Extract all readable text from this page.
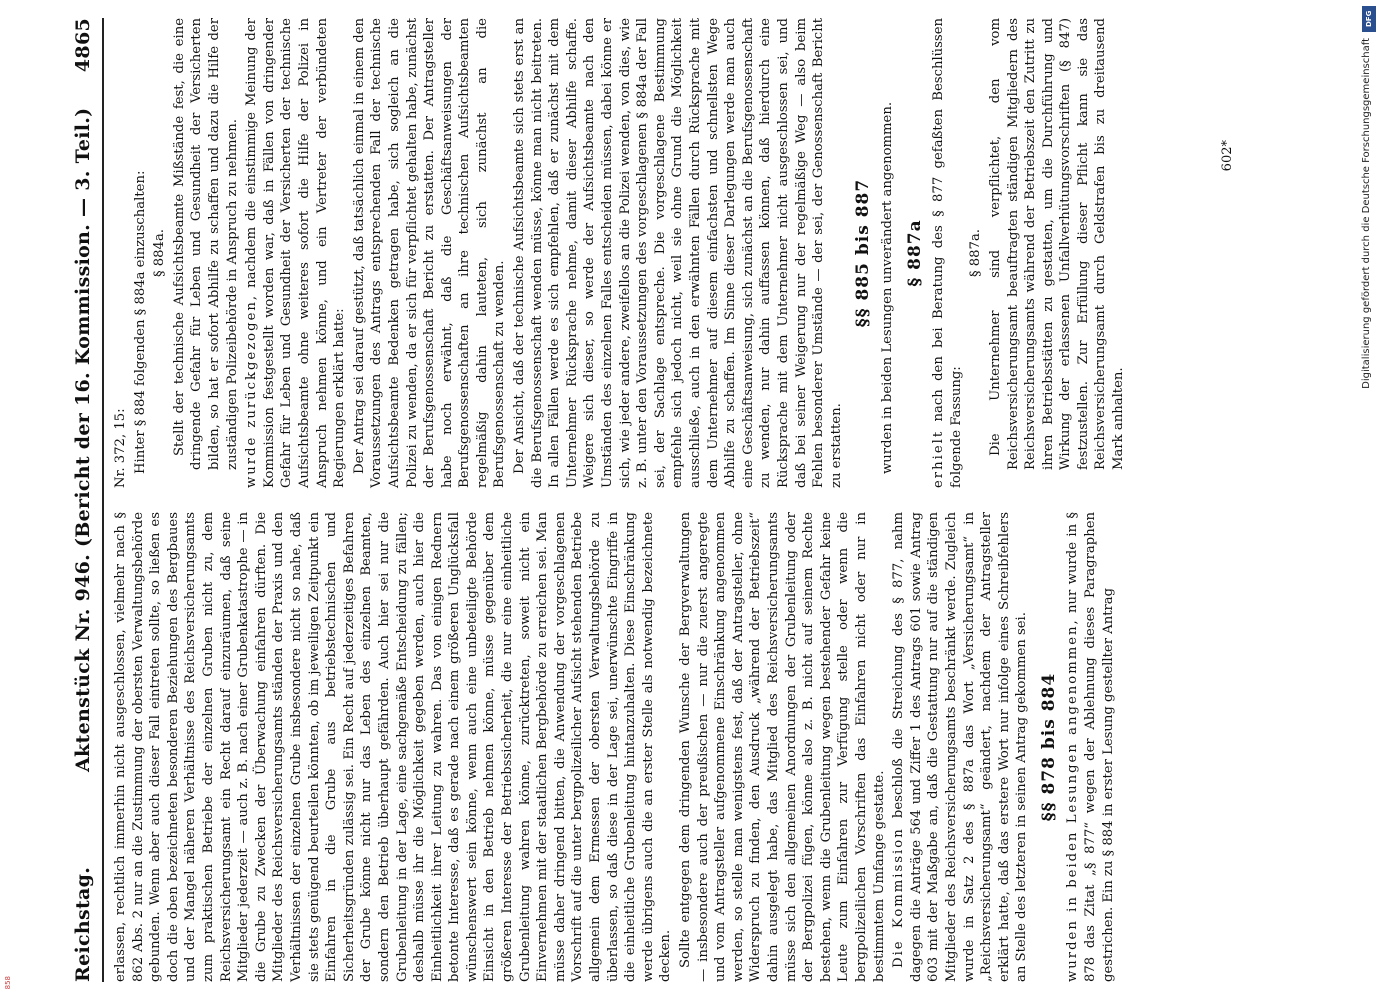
Reichstag.
Aktenstück Nr. 946. (Bericht der 16. Kommission. — 3. Teil.)
4865

erlassen, rechtlich immerhin nicht ausgeschlossen, vielmehr nach § 862 Abs. 2 nur an die Zustimmung der obersten Verwaltungsbehörde gebunden. Wenn aber auch dieser Fall eintreten sollte, so ließen es doch die oben bezeichneten besonderen Beziehungen des Bergbaues und der Mangel näheren Verhältnisse des Reichsversicherungsamts zum praktischen Betriebe der einzelnen Gruben nicht zu, dem Reichsversicherungsamt ein Recht darauf einzuräumen, daß seine Mitglieder jederzeit — auch z. B. nach einer Grubenkatastrophe — in die Grube zu Zwecken der Überwachung einfahren dürften. Die Mitglieder des Reichsversicherungsamts ständen der Praxis und den Verhältnissen der einzelnen Grube insbesondere nicht so nahe, daß sie stets genügend beurteilen könnten, ob im jeweiligen Zeitpunkt ein Einfahren in die Grube aus betriebstechnischen und Sicherheitsgründen zulässig sei. Ein Recht auf jederzeitiges Befahren der Grube könne nicht nur das Leben des einzelnen Beamten, sondern den Betrieb überhaupt gefährden. Auch hier sei nur die Grubenleitung in der Lage, eine sachgemäße Entscheidung zu fällen; deshalb müsse ihr die Möglichkeit gegeben werden, auch hier die Einheitlichkeit ihrer Leitung zu wahren. Das von einigen Rednern betonte Interesse, daß es gerade nach einem größeren Unglücksfall wünschenswert sein könne, wenn auch eine unbeteiligte Behörde Einsicht in den Betrieb nehmen könne, müsse gegenüber dem größeren Interesse der Betriebssicherheit, die nur eine einheitliche Grubenleitung wahren könne, zurücktreten, soweit nicht ein Einvernehmen mit der staatlichen Bergbehörde zu erreichen sei. Man müsse daher dringend bitten, die Anwendung der vorgeschlagenen Vorschrift auf die unter bergpolizeilicher Aufsicht stehenden Betriebe allgemein dem Ermessen der obersten Verwaltungsbehörde zu überlassen, so daß diese in der Lage sei, unerwünschte Eingriffe in die einheitliche Grubenleitung hintanzuhalten. Diese Einschränkung werde übrigens auch die an erster Stelle als notwendig bezeichnete decken. Sollte entgegen dem dringenden Wunsche der Bergverwaltungen — insbesondere auch der preußischen — nur die zuerst angeregte und vom Antragsteller aufgenommene Einschränkung angenommen werden, so stelle man wenigstens fest, daß der Antragsteller, ohne Widerspruch zu finden, den Ausdruck „während der Betriebszeit“ dahin ausgelegt habe, das Mitglied des Reichsversicherungsamts müsse sich den allgemeinen Anordnungen der Grubenleitung oder der Bergpolizei fügen, könne also z. B. nicht auf seinem Rechte bestehen, wenn die Grubenleitung wegen bestehender Gefahr keine Leute zum Einfahren zur Verfügung stelle oder wenn die bergpolizeilichen Vorschriften das Einfahren nicht oder nur in bestimmtem Umfange gestatte. Die Kommission beschloß die Streichung des § 877, nahm dagegen die Anträge 564 und Ziffer 1 des Antrags 601 sowie Antrag 603 mit der Maßgabe an, daß die Gestattung nur auf die ständigen Mitglieder des Reichsversicherungsamts beschränkt werde. Zugleich wurde in Satz 2 des § 887a das Wort „Versicherungsamt“ in „Reichsversicherungsamt“ geändert, nachdem der Antragsteller erklärt hatte, daß das erstere Wort nur infolge eines Schreibfehlers an Stelle des letzteren in seinen Antrag gekommen sei. §§ 878 bis 884 wurden in beiden Lesungen angenommen, nur wurde in § 878 das Zitat „§ 877“ wegen der Ablehnung dieses Paragraphen gestrichen. Ein zu § 884 in erster Lesung gestellter Antrag

Nr. 372, 15: Hinter § 884 folgenden § 884a einzuschalten: § 884a. Stellt der technische Aufsichtsbeamte Mißstände fest, die eine dringende Gefahr für Leben und Gesundheit der Versicherten bilden, so hat er sofort Abhilfe zu schaffen und dazu die Hilfe der zuständigen Polizeibehörde in Anspruch zu nehmen. wurde zurückgezogen, nachdem die einstimmige Meinung der Kommission festgestellt worden war, daß in Fällen von dringender Gefahr für Leben und Gesundheit der Versicherten der technische Aufsichtsbeamte ohne weiteres sofort die Hilfe der Polizei in Anspruch nehmen könne, und ein Vertreter der verbündeten Regierungen erklärt hatte: Der Antrag sei darauf gestützt, daß tatsächlich einmal in einem den Voraussetzungen des Antrags entsprechenden Fall der technische Aufsichtsbeamte Bedenken getragen habe, sich sogleich an die Polizei zu wenden, da er sich für verpflichtet gehalten habe, zunächst der Berufsgenossenschaft Bericht zu erstatten. Der Antragsteller habe noch erwähnt, daß die Geschäftsanweisungen der Berufsgenossenschaften an ihre technischen Aufsichtsbeamten regelmäßig dahin lauteten, sich zunächst an die Berufsgenossenschaft zu wenden. Der Ansicht, daß der technische Aufsichtsbeamte sich stets erst an die Berufsgenossenschaft wenden müsse, könne man nicht beitreten. In allen Fällen werde es sich empfehlen, daß er zunächst mit dem Unternehmer Rücksprache nehme, damit dieser Abhilfe schaffe. Weigere sich dieser, so werde der Aufsichtsbeamte nach den Umständen des einzelnen Falles entscheiden müssen, dabei könne er sich, wie jeder andere, zweifellos an die Polizei wenden, von dies, wie z. B. unter den Voraussetzungen des vorgeschlagenen § 884a der Fall sei, der Sachlage entspreche. Die vorgeschlagene Bestimmung empfehle sich jedoch nicht, weil sie ohne Grund die Möglichkeit ausschließe, auch in den erwähnten Fällen durch Rücksprache mit dem Unternehmer auf diesem einfachsten und schnellsten Wege Abhilfe zu schaffen. Im Sinne dieser Darlegungen werde man auch eine Geschäftsanweisung, sich zunächst an die Berufsgenossenschaft zu wenden, nur dahin auffassen können, daß hierdurch eine Rücksprache mit dem Unternehmer nicht ausgeschlossen sei, und daß bei seiner Weigerung nur der regelmäßige Weg — also beim Fehlen besonderer Umstände — der sei, der Genossenschaft Bericht zu erstatten.

§§ 885 bis 887 wurden in beiden Lesungen unverändert angenommen. § 887a

erhielt nach den bei Beratung des § 877 gefaßten Beschlüssen folgende Fassung:

§ 887a. Die Unternehmer sind verpflichtet, den vom Reichsversicherungsamt beauftragten ständigen Mitgliedern des Reichsversicherungsamts während der Betriebszeit den Zutritt zu ihren Betriebsstätten zu gestatten, um die Durchführung und Wirkung der erlassenen Unfallverhütungsvorschriften (§ 847) festzustellen. Zur Erfüllung dieser Pflicht kann sie das Reichsversicherungsamt durch Geldstrafen bis zu dreitausend Mark anhalten.

602*
DFG
Digitalisierung gefördert durch die Deutsche Forschungsgemeinschaft
858
